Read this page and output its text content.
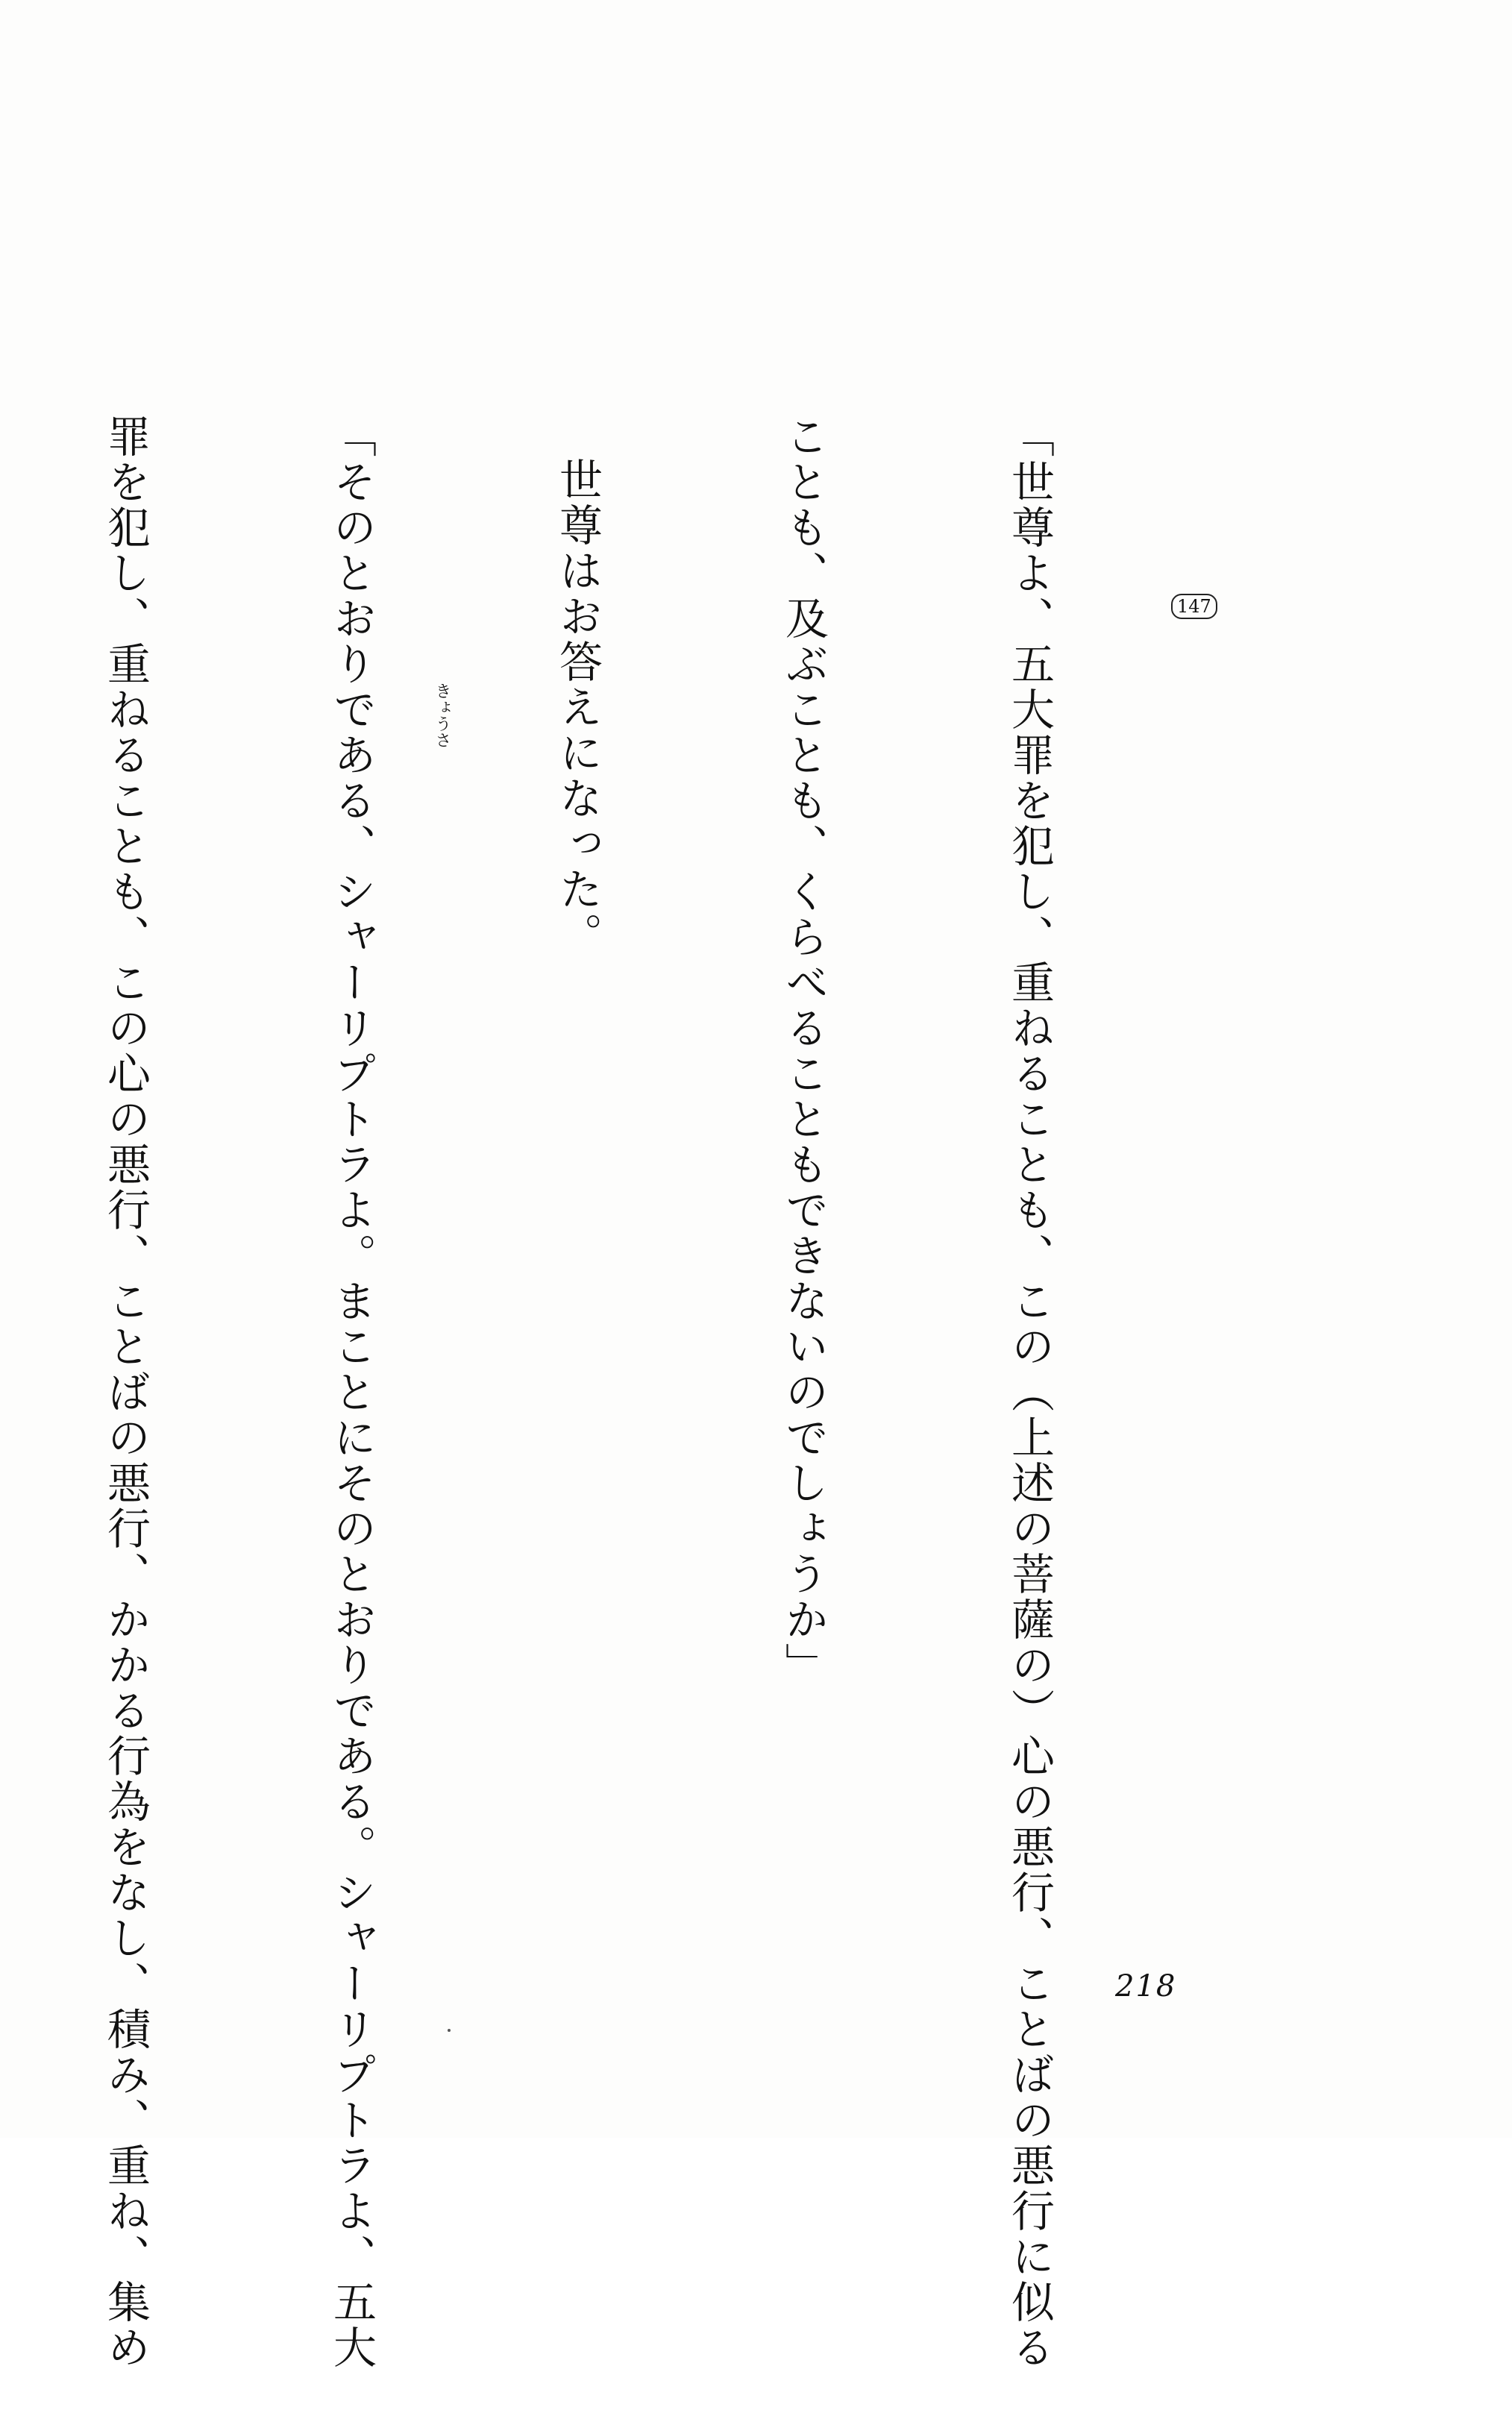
「世尊よ、五大罪を犯し、重ねることも、この（上述の菩薩の）心の悪行、ことばの悪行に似る

ことも、及ぶことも、くらべることもできないのでしょうか」

世尊はお答えになった。

「そのとおりである、シャーリプトラよ。まことにそのとおりである。シャーリプトラよ、五大

罪を犯し、重ねることも、この心の悪行、ことばの悪行、かかる行為をなし、積み、重ね、集め

	147
きょうさ
218
